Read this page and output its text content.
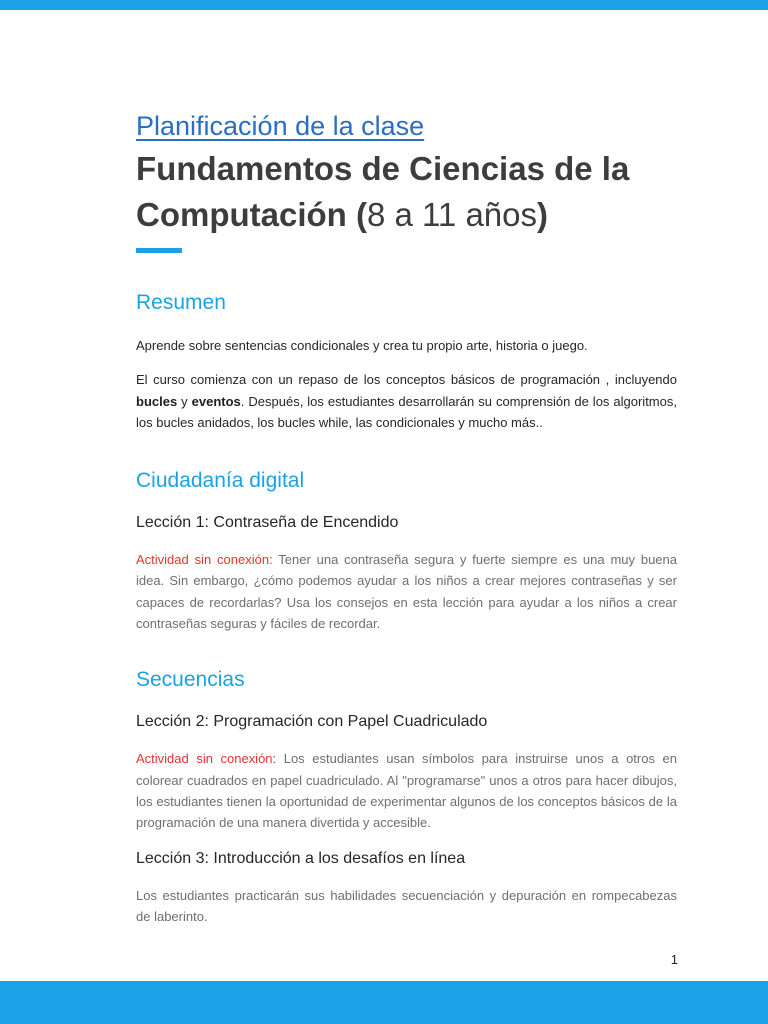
Planificación de la clase
Fundamentos de Ciencias de la Computación (8 a 11 años)
Resumen

Aprende sobre sentencias condicionales y crea tu propio arte, historia o juego.

El curso comienza con un repaso de los conceptos básicos de programación , incluyendo bucles y eventos. Después, los estudiantes desarrollarán su comprensión de los algoritmos, los bucles anidados, los bucles while, las condicionales y mucho más..

Ciudadanía digital
Lección 1: Contraseña de Encendido

Actividad sin conexión: Tener una contraseña segura y fuerte siempre es una muy buena idea. Sin embargo, ¿cómo podemos ayudar a los niños a crear mejores contraseñas y ser capaces de recordarlas? Usa los consejos en esta lección para ayudar a los niños a crear contraseñas seguras y fáciles de recordar.

Secuencias
Lección 2: Programación con Papel Cuadriculado

Actividad sin conexión: Los estudiantes usan símbolos para instruirse unos a otros en colorear cuadrados en papel cuadriculado. Al "programarse" unos a otros para hacer dibujos, los estudiantes tienen la oportunidad de experimentar algunos de los conceptos básicos de la programación de una manera divertida y accesible.

Lección 3: Introducción a los desafíos en línea

Los estudiantes practicarán sus habilidades secuenciación y depuración en rompecabezas de laberinto.

1
